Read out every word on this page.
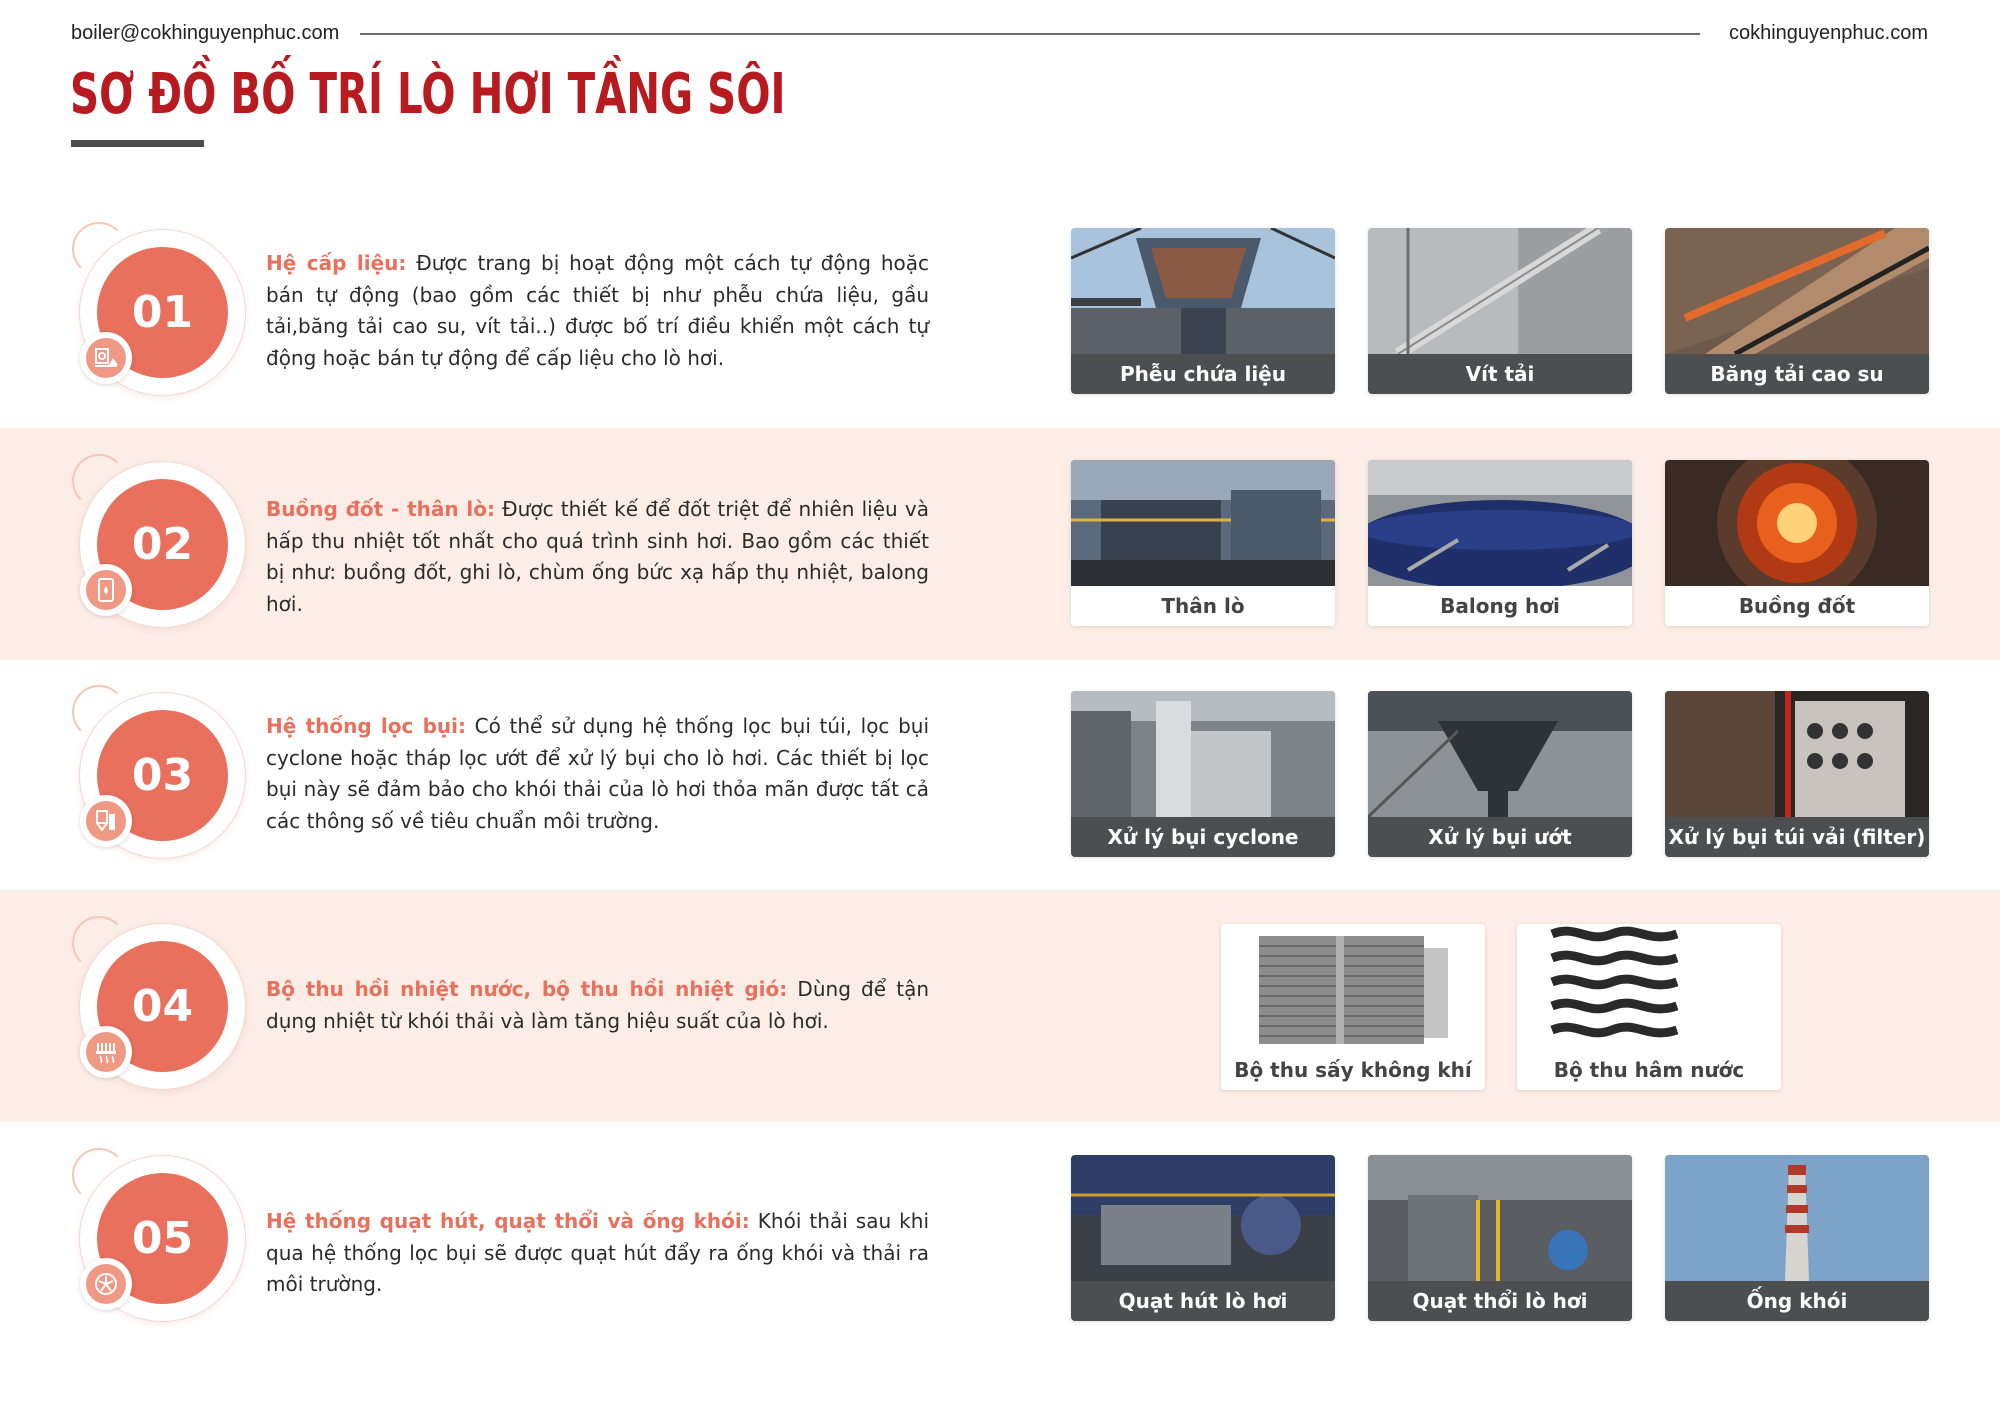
boiler@cokhinguyenphuc.com	cokhinguyenphuc.com
SƠ ĐỒ BỐ TRÍ LÒ HƠI TẦNG SÔI
01
Hệ cấp liệu: Được trang bị hoạt động một cách tự động hoặc bán tự động (bao gồm các thiết bị như phễu chứa liệu, gầu tải,băng tải cao su, vít tải..) được bố trí điều khiển một cách tự động hoặc bán tự động để cấp liệu cho lò hơi.
Phễu chứa liệu	Vít tải	Băng tải cao su
02
Buồng đốt - thân lò: Được thiết kế để đốt triệt để nhiên liệu và hấp thu nhiệt tốt nhất cho quá trình sinh hơi. Bao gồm các thiết bị như: buồng đốt, ghi lò, chùm ống bức xạ hấp thụ nhiệt, balong hơi.	Thân lò	Balong hơi	Buồng đốt
03
Hệ thống lọc bụi: Có thể sử dụng hệ thống lọc bụi túi, lọc bụi cyclone hoặc tháp lọc ướt để xử lý bụi cho lò hơi. Các thiết bị lọc bụi này sẽ đảm bảo cho khói thải của lò hơi thỏa mãn được tất cả các thông số về tiêu chuẩn môi trường.
Xử lý bụi cyclone	Xử lý bụi ướt	Xử lý bụi túi vải (filter)
04	Bộ thu hồi nhiệt nước, bộ thu hồi nhiệt gió: Dùng để tận dụng nhiệt từ khói thải và làm tăng hiệu suất của lò hơi.
Bộ thu sấy không khí	Bộ thu hâm nước
05	Hệ thống quạt hút, quạt thổi và ống khói: Khói thải sau khi qua hệ thống lọc bụi sẽ được quạt hút đẩy ra ống khói và thải ra môi trường.
Quạt hút lò hơi	Quạt thổi lò hơi	Ống khói
